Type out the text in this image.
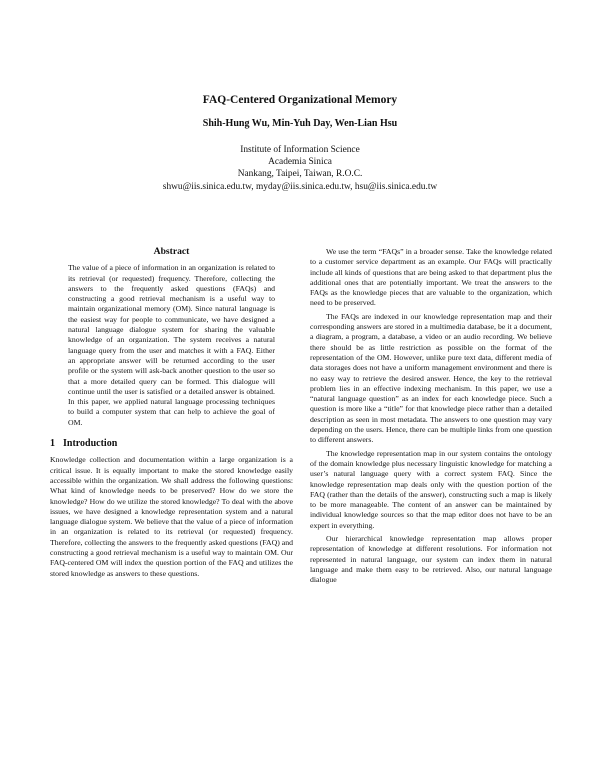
FAQ-Centered Organizational Memory
Shih-Hung Wu, Min-Yuh Day, Wen-Lian Hsu
Institute of Information Science
Academia Sinica
Nankang, Taipei, Taiwan, R.O.C.
shwu@iis.sinica.edu.tw, myday@iis.sinica.edu.tw, hsu@iis.sinica.edu.tw
Abstract

The value of a piece of information in an organization is related to its retrieval (or requested) frequency. Therefore, collecting the answers to the frequently asked questions (FAQs) and constructing a good retrieval mechanism is a useful way to maintain organizational memory (OM). Since natural language is the easiest way for people to communicate, we have designed a natural language dialogue system for sharing the valuable knowledge of an organization. The system receives a natural language query from the user and matches it with a FAQ. Either an appropriate answer will be returned according to the user profile or the system will ask-back another question to the user so that a more detailed query can be formed. This dialogue will continue until the user is satisfied or a detailed answer is obtained. In this paper, we applied natural language processing techniques to build a computer system that can help to achieve the goal of OM.

1 Introduction

Knowledge collection and documentation within a large organization is a critical issue. It is equally important to make the stored knowledge easily accessible within the organization. We shall address the following questions: What kind of knowledge needs to be preserved? How do we store the knowledge? How do we utilize the stored knowledge? To deal with the above issues, we have designed a knowledge representation system and a natural language dialogue system. We believe that the value of a piece of information in an organization is related to its retrieval (or requested) frequency. Therefore, collecting the answers to the frequently asked questions (FAQ) and constructing a good retrieval mechanism is a useful way to maintain OM. Our FAQ-centered OM will index the question portion of the FAQ and utilizes the stored knowledge as answers to these questions.

We use the term “FAQs” in a broader sense. Take the knowledge related to a customer service department as an example. Our FAQs will practically include all kinds of questions that are being asked to that department plus the additional ones that are potentially important. We treat the answers to the FAQs as the knowledge pieces that are valuable to the organization, which need to be preserved.

The FAQs are indexed in our knowledge representation map and their corresponding answers are stored in a multimedia database, be it a document, a diagram, a program, a database, a video or an audio recording. We believe there should be as little restriction as possible on the format of the representation of the OM. However, unlike pure text data, different media of data storages does not have a uniform management environment and there is no easy way to retrieve the desired answer. Hence, the key to the retrieval problem lies in an effective indexing mechanism. In this paper, we use a “natural language question” as an index for each knowledge piece. Such a question is more like a “title” for that knowledge piece rather than a detailed description as seen in most metadata. The answers to one question may vary depending on the users. Hence, there can be multiple links from one question to different answers.

The knowledge representation map in our system contains the ontology of the domain knowledge plus necessary linguistic knowledge for matching a user’s natural language query with a correct system FAQ. Since the knowledge representation map deals only with the question portion of the FAQ (rather than the details of the answer), constructing such a map is likely to be more manageable. The content of an answer can be maintained by individual knowledge sources so that the map editor does not have to be an expert in everything.

Our hierarchical knowledge representation map allows proper representation of knowledge at different resolutions. For information not represented in natural language, our system can index them in natural language and make them easy to be retrieved. Also, our natural language dialogue
